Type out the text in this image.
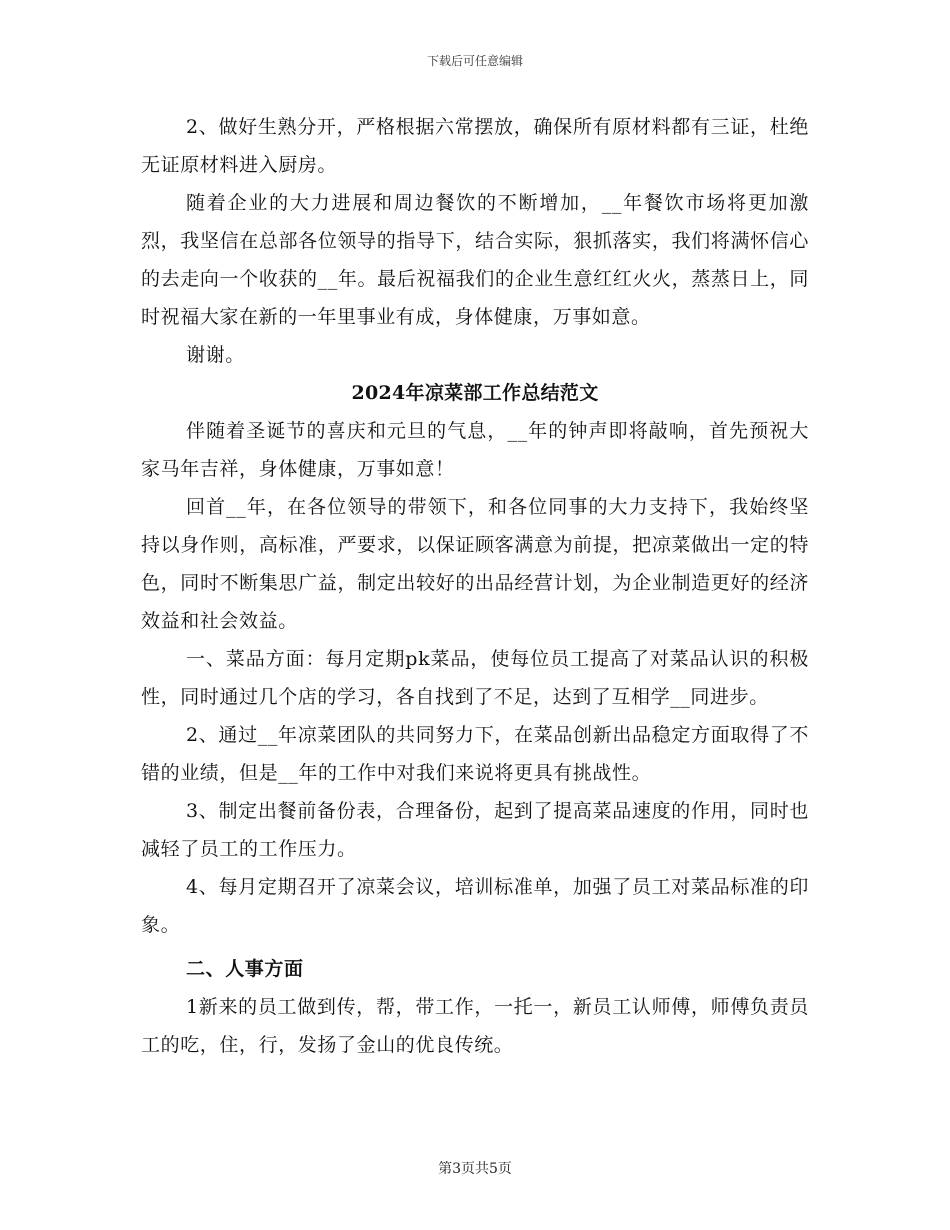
下载后可任意编辑

2、做好生熟分开，严格根据六常摆放，确保所有原材料都有三证，杜绝无证原材料进入厨房。

随着企业的大力进展和周边餐饮的不断增加，__年餐饮市场将更加激烈，我坚信在总部各位领导的指导下，结合实际，狠抓落实，我们将满怀信心的去走向一个收获的__年。最后祝福我们的企业生意红红火火，蒸蒸日上，同时祝福大家在新的一年里事业有成，身体健康，万事如意。

谢谢。

2024年凉菜部工作总结范文

伴随着圣诞节的喜庆和元旦的气息，__年的钟声即将敲响，首先预祝大家马年吉祥，身体健康，万事如意！

回首__年，在各位领导的带领下，和各位同事的大力支持下，我始终坚持以身作则，高标准，严要求，以保证顾客满意为前提，把凉菜做出一定的特色，同时不断集思广益，制定出较好的出品经营计划，为企业制造更好的经济效益和社会效益。

一、菜品方面：每月定期pk菜品，使每位员工提高了对菜品认识的积极性，同时通过几个店的学习，各自找到了不足，达到了互相学__同进步。

2、通过__年凉菜团队的共同努力下，在菜品创新出品稳定方面取得了不错的业绩，但是__年的工作中对我们来说将更具有挑战性。

3、制定出餐前备份表，合理备份，起到了提高菜品速度的作用，同时也减轻了员工的工作压力。

4、每月定期召开了凉菜会议，培训标准单，加强了员工对菜品标准的印象。

二、人事方面

1新来的员工做到传，帮，带工作，一托一，新员工认师傅，师傅负责员工的吃，住，行，发扬了金山的优良传统。

第3页共5页
